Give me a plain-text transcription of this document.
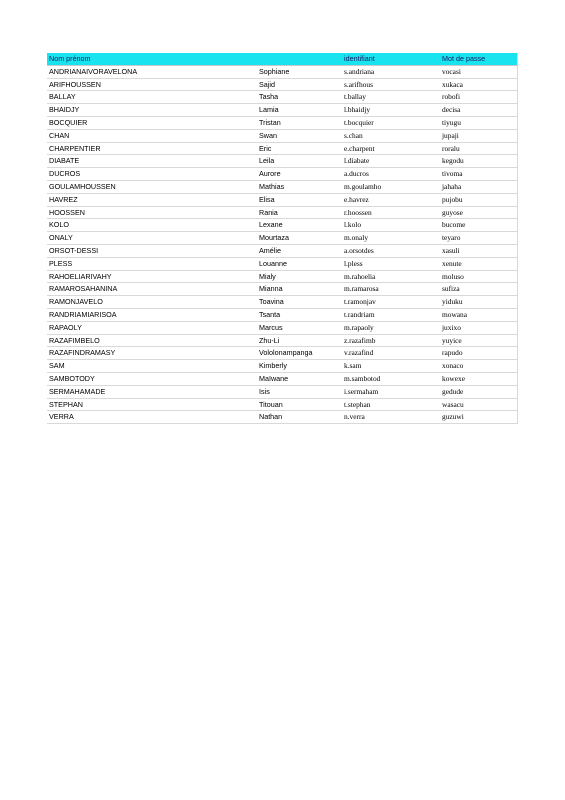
Nom prénom		identifiant	Mot de passe
ANDRIANAIVORAVELONA	Sophiane	s.andriana	vocasi
ARIFHOUSSEN	Sajid	s.arifhous	xukaca
BALLAY	Tasha	t.ballay	robofi
BHAIDJY	Lamia	l.bhaidjy	decisa
BOCQUIER	Tristan	t.bocquier	tiyugu
CHAN	Swan	s.chan	jupaji
CHARPENTIER	Eric	e.charpent	roralu
DIABATE	Leila	l.diabate	kegodu
DUCROS	Aurore	a.ducros	tivoma
GOULAMHOUSSEN	Mathias	m.goulamho	jahaha
HAVREZ	Elisa	e.havrez	pujobu
HOOSSEN	Rania	r.hoossen	guyose
KOLO	Lexane	l.kolo	bucome
ONALY	Mourtaza	m.onaly	teyaro
ORSOT-DESSI	Amélie	a.orsotdes	xasuli
PLESS	Louanne	l.pless	xenute
RAHOELIARIVAHY	Mialy	m.rahoelia	moluso
RAMAROSAHANINA	Mianna	m.ramarosa	sufiza
RAMONJAVELO	Toavina	t.ramonjav	yiduku
RANDRIAMIARISOA	Tsanta	t.randriam	mowana
RAPAOLY	Marcus	m.rapaoly	juxixo
RAZAFIMBELO	Zhu-Li	z.razafimb	yuyice
RAZAFINDRAMASY	Vololonampanga	v.razafind	rapudo
SAM	Kimberly	k.sam	xonaco
SAMBOTODY	Maïwane	m.sambotod	kowexe
SERMAHAMADE	Isis	i.sermaham	gedude
STEPHAN	Titouan	t.stephan	wasacu
VERRA	Nathan	n.verra	guzuwi
